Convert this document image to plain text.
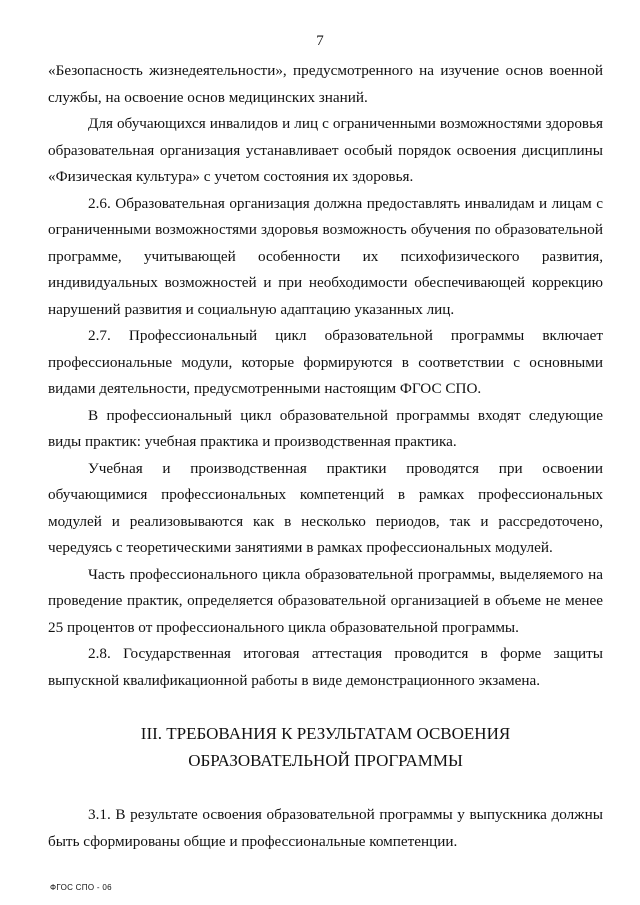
7

«Безопасность жизнедеятельности», предусмотренного на изучение основ военной службы, на освоение основ медицинских знаний.

Для обучающихся инвалидов и лиц с ограниченными возможностями здоровья образовательная организация устанавливает особый порядок освоения дисциплины «Физическая культура» с учетом состояния их здоровья.

2.6. Образовательная организация должна предоставлять инвалидам и лицам с ограниченными возможностями здоровья возможность обучения по образовательной программе, учитывающей особенности их психофизического развития, индивидуальных возможностей и при необходимости обеспечивающей коррекцию нарушений развития и социальную адаптацию указанных лиц.

2.7. Профессиональный цикл образовательной программы включает профессиональные модули, которые формируются в соответствии с основными видами деятельности, предусмотренными настоящим ФГОС СПО.

В профессиональный цикл образовательной программы входят следующие виды практик: учебная практика и производственная практика.

Учебная и производственная практики проводятся при освоении обучающимися профессиональных компетенций в рамках профессиональных модулей и реализовываются как в несколько периодов, так и рассредоточено, чередуясь с теоретическими занятиями в рамках профессиональных модулей.

Часть профессионального цикла образовательной программы, выделяемого на проведение практик, определяется образовательной организацией в объеме не менее 25 процентов от профессионального цикла образовательной программы.

2.8. Государственная итоговая аттестация проводится в форме защиты выпускной квалификационной работы в виде демонстрационного экзамена.

III. ТРЕБОВАНИЯ К РЕЗУЛЬТАТАМ ОСВОЕНИЯ
ОБРАЗОВАТЕЛЬНОЙ ПРОГРАММЫ

3.1. В результате освоения образовательной программы у выпускника должны быть сформированы общие и профессиональные компетенции.

ФГОС СПО - 06
